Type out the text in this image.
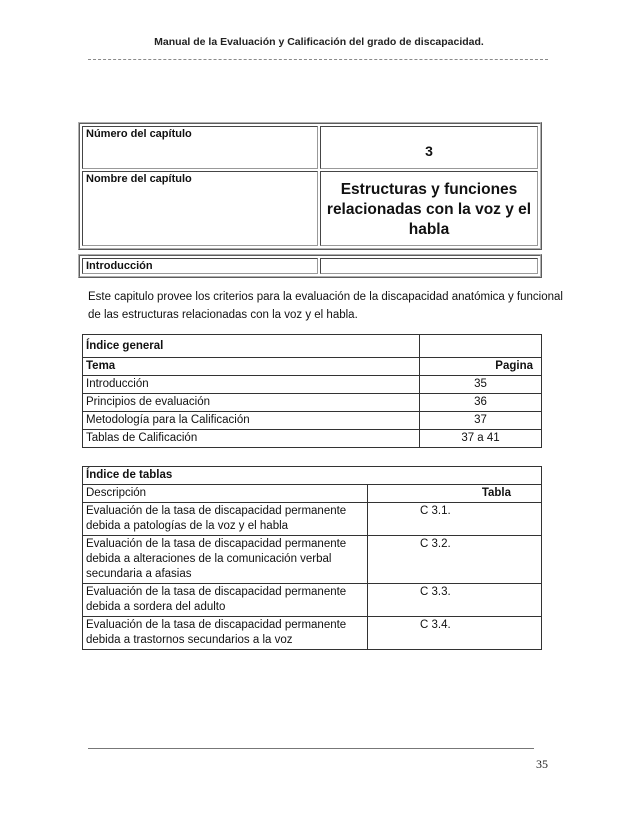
Manual de la Evaluación y Calificación del grado de discapacidad.
Número del capítulo	3
Nombre del capítulo	Estructuras y funciones relacionadas con la voz y el habla
Introducción	
Este capitulo provee los criterios para la evaluación de la discapacidad anatómica y funcional de las estructuras relacionadas con la voz y el habla.
Índice general	
Tema	Pagina
Introducción	35
Principios de evaluación	36
Metodología para la Calificación	37
Tablas de Calificación	37 a 41
Índice de tablas	
Descripción	Tabla
Evaluación de la tasa de discapacidad permanente debida a patologías de la voz y el habla	C 3.1.
Evaluación de la tasa de discapacidad permanente debida a alteraciones de la comunicación verbal secundaria a afasias	C 3.2.
Evaluación de la tasa de discapacidad permanente debida a sordera del adulto	C 3.3.
Evaluación de la tasa de discapacidad permanente debida a trastornos secundarios a la voz	C 3.4.
35
